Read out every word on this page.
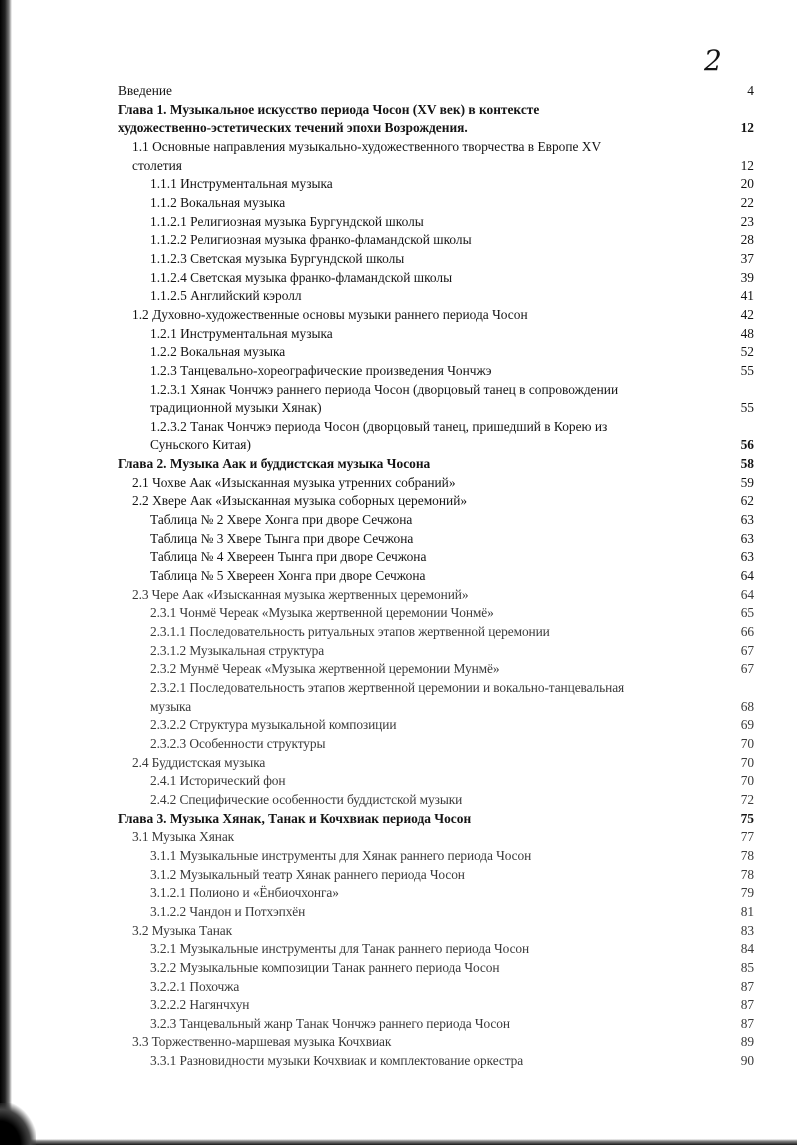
2
Введение	4
Глава 1. Музыкальное искусство периода Чосон (XV век) в контексте
художественно-эстетических течений эпохи Возрождения.	12
1.1 Основные направления музыкально-художественного творчества в Европе XV
столетия	12
1.1.1 Инструментальная музыка	20
1.1.2 Вокальная музыка	22
1.1.2.1 Религиозная музыка Бургундской школы	23
1.1.2.2 Религиозная музыка франко-фламандской школы	28
1.1.2.3 Светская музыка Бургундской школы	37
1.1.2.4 Светская музыка франко-фламандской школы	39
1.1.2.5 Английский кэролл	41
1.2 Духовно-художественные основы музыки раннего периода Чосон	42
1.2.1 Инструментальная музыка	48
1.2.2 Вокальная музыка	52
1.2.3 Танцевально-хореографические произведения Чончжэ	55
1.2.3.1 Хянак Чончжэ раннего периода Чосон (дворцовый танец в сопровождении
традиционной музыки Хянак)	55
1.2.3.2 Танак Чончжэ периода Чосон (дворцовый танец, пришедший в Корею из
Суньского Китая)	56
Глава 2. Музыка Аак и буддистская музыка Чосона	58
2.1 Чохве Аак «Изысканная музыка утренних собраний»	59
2.2 Хвере Аак «Изысканная музыка соборных церемоний»	62
Таблица № 2 Хвере Хонга при дворе Сечжона	63
Таблица № 3 Хвере Тынга при дворе Сечжона	63
Таблица № 4 Хвереен Тынга при дворе Сечжона	63
Таблица № 5 Хвереен Хонга при дворе Сечжона	64
2.3 Чере Аак «Изысканная музыка жертвенных церемоний»	64
2.3.1 Чонмё Череак «Музыка жертвенной церемонии Чонмё»	65
2.3.1.1 Последовательность ритуальных этапов жертвенной церемонии	66
2.3.1.2 Музыкальная структура	67
2.3.2 Мунмё Череак «Музыка жертвенной церемонии Мунмё»	67
2.3.2.1 Последовательность этапов жертвенной церемонии и вокально-танцевальная
музыка	68
2.3.2.2 Структура музыкальной композиции	69
2.3.2.3 Особенности структуры	70
2.4 Буддистская музыка	70
2.4.1 Исторический фон	70
2.4.2 Специфические особенности буддистской музыки	72
Глава 3. Музыка Хянак, Танак и Кочхвиак периода Чосон	75
3.1 Музыка Хянак	77
3.1.1 Музыкальные инструменты для Хянак раннего периода Чосон	78
3.1.2 Музыкальный театр Хянак раннего периода Чосон	78
3.1.2.1 Полионо и «Ёнбиочхонга»	79
3.1.2.2 Чандон и Потхэпхён	81
3.2 Музыка Танак	83
3.2.1 Музыкальные инструменты для Танак раннего периода Чосон	84
3.2.2 Музыкальные композиции Танак раннего периода Чосон	85
3.2.2.1 Похочжа	87
3.2.2.2 Нагянчхун	87
3.2.3 Танцевальный жанр Танак Чончжэ раннего периода Чосон	87
3.3 Торжественно-маршевая музыка Кочхвиак	89
3.3.1 Разновидности музыки Кочхвиак и комплектование оркестра	90
